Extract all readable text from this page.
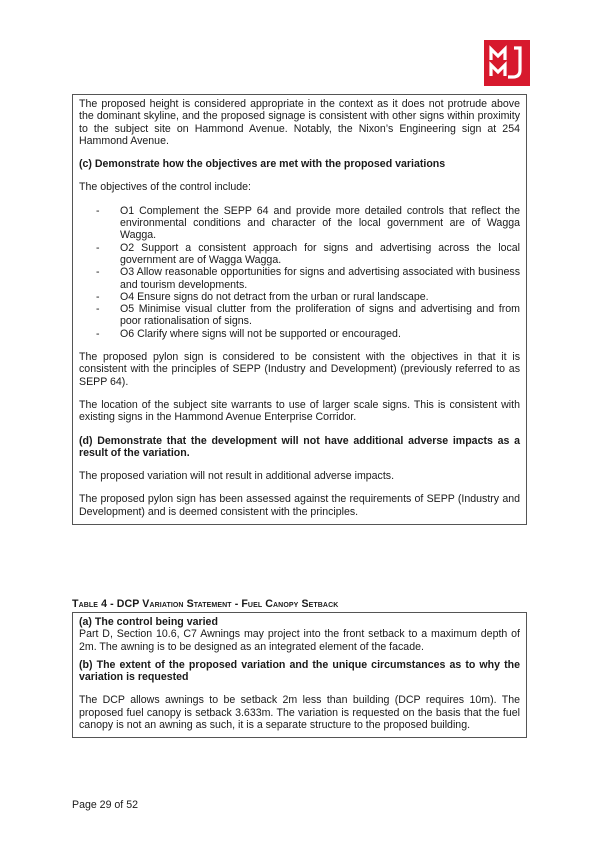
The proposed height is considered appropriate in the context as it does not protrude above the dominant skyline, and the proposed signage is consistent with other signs within proximity to the subject site on Hammond Avenue. Notably, the Nixon’s Engineering sign at 254 Hammond Avenue.

(c) Demonstrate how the objectives are met with the proposed variations

The objectives of the control include:

- O1 Complement the SEPP 64 and provide more detailed controls that reflect the environmental conditions and character of the local government are of Wagga Wagga.
- O2 Support a consistent approach for signs and advertising across the local government are of Wagga Wagga.
- O3 Allow reasonable opportunities for signs and advertising associated with business and tourism developments.
- O4 Ensure signs do not detract from the urban or rural landscape.
- O5 Minimise visual clutter from the proliferation of signs and advertising and from poor rationalisation of signs.
- O6 Clarify where signs will not be supported or encouraged.

The proposed pylon sign is considered to be consistent with the objectives in that it is consistent with the principles of SEPP (Industry and Development) (previously referred to as SEPP 64).

The location of the subject site warrants to use of larger scale signs. This is consistent with existing signs in the Hammond Avenue Enterprise Corridor.

(d) Demonstrate that the development will not have additional adverse impacts as a result of the variation.

The proposed variation will not result in additional adverse impacts.

The proposed pylon sign has been assessed against the requirements of SEPP (Industry and Development) and is deemed consistent with the principles.

Table 4 - DCP Variation Statement - Fuel Canopy Setback

(a) The control being varied

Part D, Section 10.6, C7 Awnings may project into the front setback to a maximum depth of 2m. The awning is to be designed as an integrated element of the facade.

(b) The extent of the proposed variation and the unique circumstances as to why the variation is requested

The DCP allows awnings to be setback 2m less than building (DCP requires 10m). The proposed fuel canopy is setback 3.633m. The variation is requested on the basis that the fuel canopy is not an awning as such, it is a separate structure to the proposed building.

Page 29 of 52
